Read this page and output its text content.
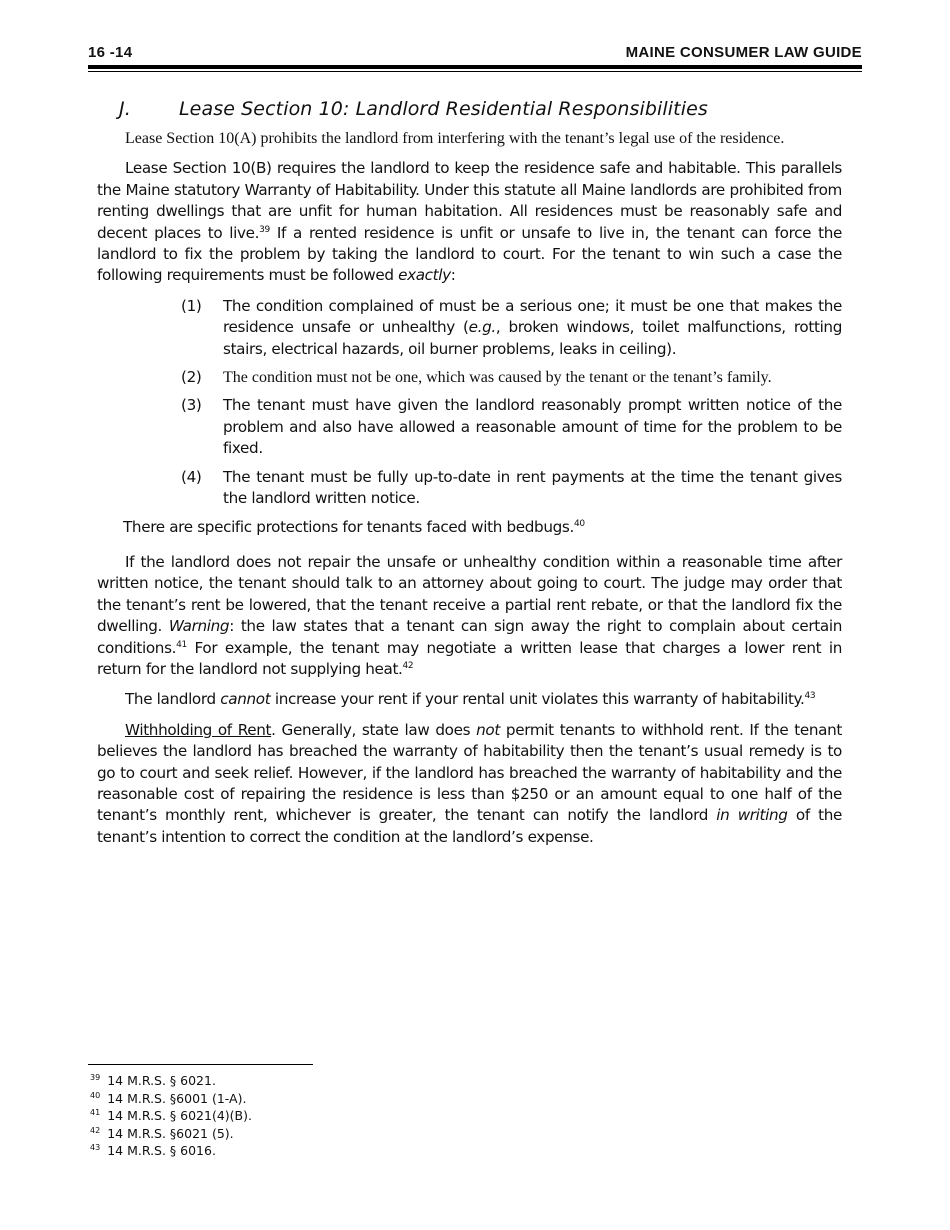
16 -14	MAINE CONSUMER LAW GUIDE
J.	Lease Section 10: Landlord Residential Responsibilities

Lease Section 10(A) prohibits the landlord from interfering with the tenant’s legal use of the residence.

Lease Section 10(B) requires the landlord to keep the residence safe and habitable. This parallels the Maine statutory Warranty of Habitability. Under this statute all Maine landlords are prohibited from renting dwellings that are unfit for human habitation. All residences must be reasonably safe and decent places to live.$^{39}$ If a rented residence is unfit or unsafe to live in, the tenant can force the landlord to fix the problem by taking the landlord to court. For the tenant to win such a case the following requirements must be followed exactly:

(1) The condition complained of must be a serious one; it must be one that makes the residence unsafe or unhealthy (e.g., broken windows, toilet malfunctions, rotting stairs, electrical hazards, oil burner problems, leaks in ceiling).
(2) The condition must not be one, which was caused by the tenant or the tenant’s family.
(3) The tenant must have given the landlord reasonably prompt written notice of the problem and also have allowed a reasonable amount of time for the problem to be fixed.
(4) The tenant must be fully up-to-date in rent payments at the time the tenant gives the landlord written notice.

There are specific protections for tenants faced with bedbugs.$^{40}$

If the landlord does not repair the unsafe or unhealthy condition within a reasonable time after written notice, the tenant should talk to an attorney about going to court. The judge may order that the tenant’s rent be lowered, that the tenant receive a partial rent rebate, or that the landlord fix the dwelling. Warning: the law states that a tenant can sign away the right to complain about certain conditions.$^{41}$ For example, the tenant may negotiate a written lease that charges a lower rent in return for the landlord not supplying heat.$^{42}$

The landlord cannot increase your rent if your rental unit violates this warranty of habitability.$^{43}$

Withholding of Rent. Generally, state law does not permit tenants to withhold rent. If the tenant believes the landlord has breached the warranty of habitability then the tenant’s usual remedy is to go to court and seek relief. However, if the landlord has breached the warranty of habitability and the reasonable cost of repairing the residence is less than $250 or an amount equal to one half of the tenant’s monthly rent, whichever is greater, the tenant can notify the landlord in writing of the tenant’s intention to correct the condition at the landlord’s expense.

$^{39}$ 14 M.R.S. § 6021.
$^{40}$ 14 M.R.S. §6001 (1-A).
$^{41}$ 14 M.R.S. § 6021(4)(B).
$^{42}$ 14 M.R.S. §6021 (5).
$^{43}$ 14 M.R.S. § 6016.
